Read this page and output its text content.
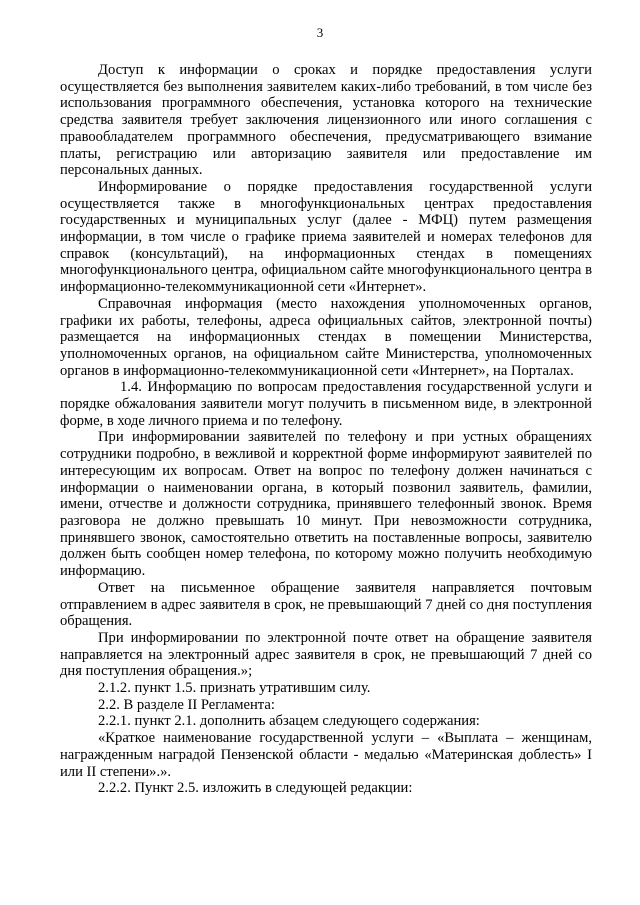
3

Доступ к информации о сроках и порядке предоставления услуги осуществляется без выполнения заявителем каких-либо требований, в том числе без использования программного обеспечения, установка которого на технические средства заявителя требует заключения лицензионного или иного соглашения с правообладателем программного обеспечения, предусматривающего взимание платы, регистрацию или авторизацию заявителя или предоставление им персональных данных.

Информирование о порядке предоставления государственной услуги осуществляется также в многофункциональных центрах предоставления государственных и муниципальных услуг (далее - МФЦ) путем размещения информации, в том числе о графике приема заявителей и номерах телефонов для справок (консультаций), на информационных стендах в помещениях многофункционального центра, официальном сайте многофункционального центра в информационно-телекоммуникационной сети «Интернет».

Справочная информация (место нахождения уполномоченных органов, графики их работы, телефоны, адреса официальных сайтов, электронной почты) размещается на информационных стендах в помещении Министерства, уполномоченных органов, на официальном сайте Министерства, уполномоченных органов в информационно-телекоммуникационной сети «Интернет», на Порталах.

1.4. Информацию по вопросам предоставления государственной услуги и порядке обжалования заявители могут получить в письменном виде, в электронной форме, в ходе личного приема и по телефону.

При информировании заявителей по телефону и при устных обращениях сотрудники подробно, в вежливой и корректной форме информируют заявителей по интересующим их вопросам. Ответ на вопрос по телефону должен начинаться с информации о наименовании органа, в который позвонил заявитель, фамилии, имени, отчестве и должности сотрудника, принявшего телефонный звонок. Время разговора не должно превышать 10 минут. При невозможности сотрудника, принявшего звонок, самостоятельно ответить на поставленные вопросы, заявителю должен быть сообщен номер телефона, по которому можно получить необходимую информацию.

Ответ на письменное обращение заявителя направляется почтовым отправлением в адрес заявителя в срок, не превышающий 7 дней со дня поступления обращения.

При информировании по электронной почте ответ на обращение заявителя направляется на электронный адрес заявителя в срок, не превышающий 7 дней со дня поступления обращения.»;

2.1.2. пункт 1.5. признать утратившим силу.

2.2. В разделе II Регламента:

2.2.1. пункт 2.1. дополнить абзацем следующего содержания:

«Краткое наименование государственной услуги – «Выплата – женщинам, награжденным наградой Пензенской области - медалью «Материнская доблесть» I или II степени».».

2.2.2. Пункт 2.5. изложить в следующей редакции:
